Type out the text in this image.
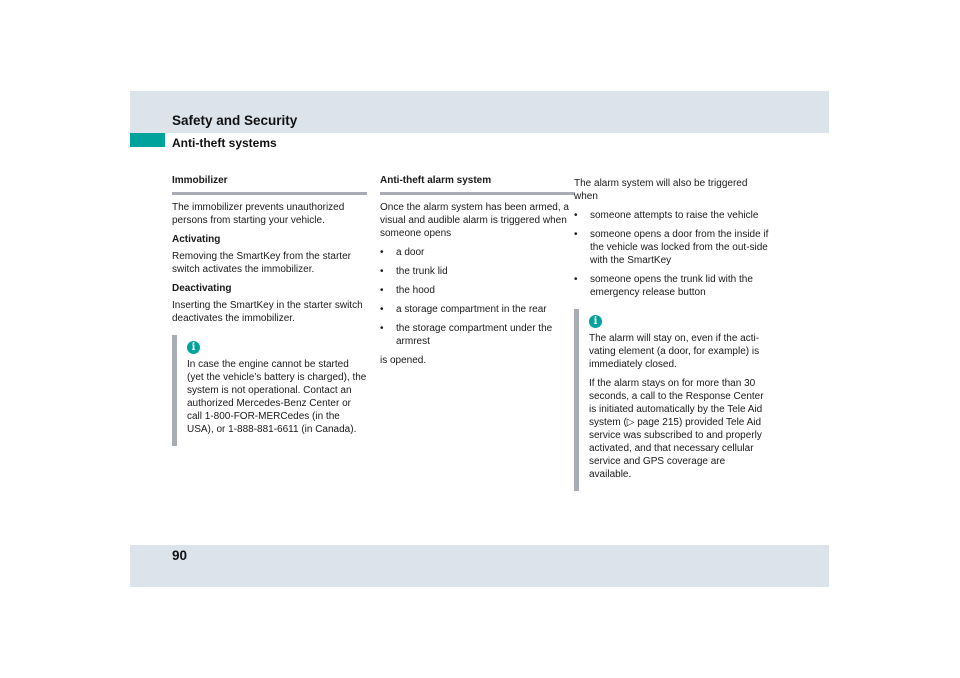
Safety and Security
Anti-theft systems
Immobilizer

The immobilizer prevents unauthorized persons from starting your vehicle.

Activating

Removing the SmartKey from the starter switch activates the immobilizer.

Deactivating

Inserting the SmartKey in the starter switch deactivates the immobilizer.

i

In case the engine cannot be started (yet the vehicle’s battery is charged), the system is not operational. Contact an authorized Mercedes-Benz Center or call 1-800-FOR-MERCedes (in the USA), or 1-888-881-6611 (in Canada).

Anti-theft alarm system

Once the alarm system has been armed, a visual and audible alarm is triggered when someone opens

• a door
• the trunk lid
• the hood
• a storage compartment in the rear
• the storage compartment under the armrest

is opened.

The alarm system will also be triggered when

• someone attempts to raise the vehicle
• someone opens a door from the inside if the vehicle was locked from the out-side with the SmartKey
• someone opens the trunk lid with the emergency release button
i

The alarm will stay on, even if the acti-vating element (a door, for example) is immediately closed.

If the alarm stays on for more than 30 seconds, a call to the Response Center is initiated automatically by the Tele Aid system (▷ page 215) provided Tele Aid service was subscribed to and properly activated, and that necessary cellular service and GPS coverage are available.

90
